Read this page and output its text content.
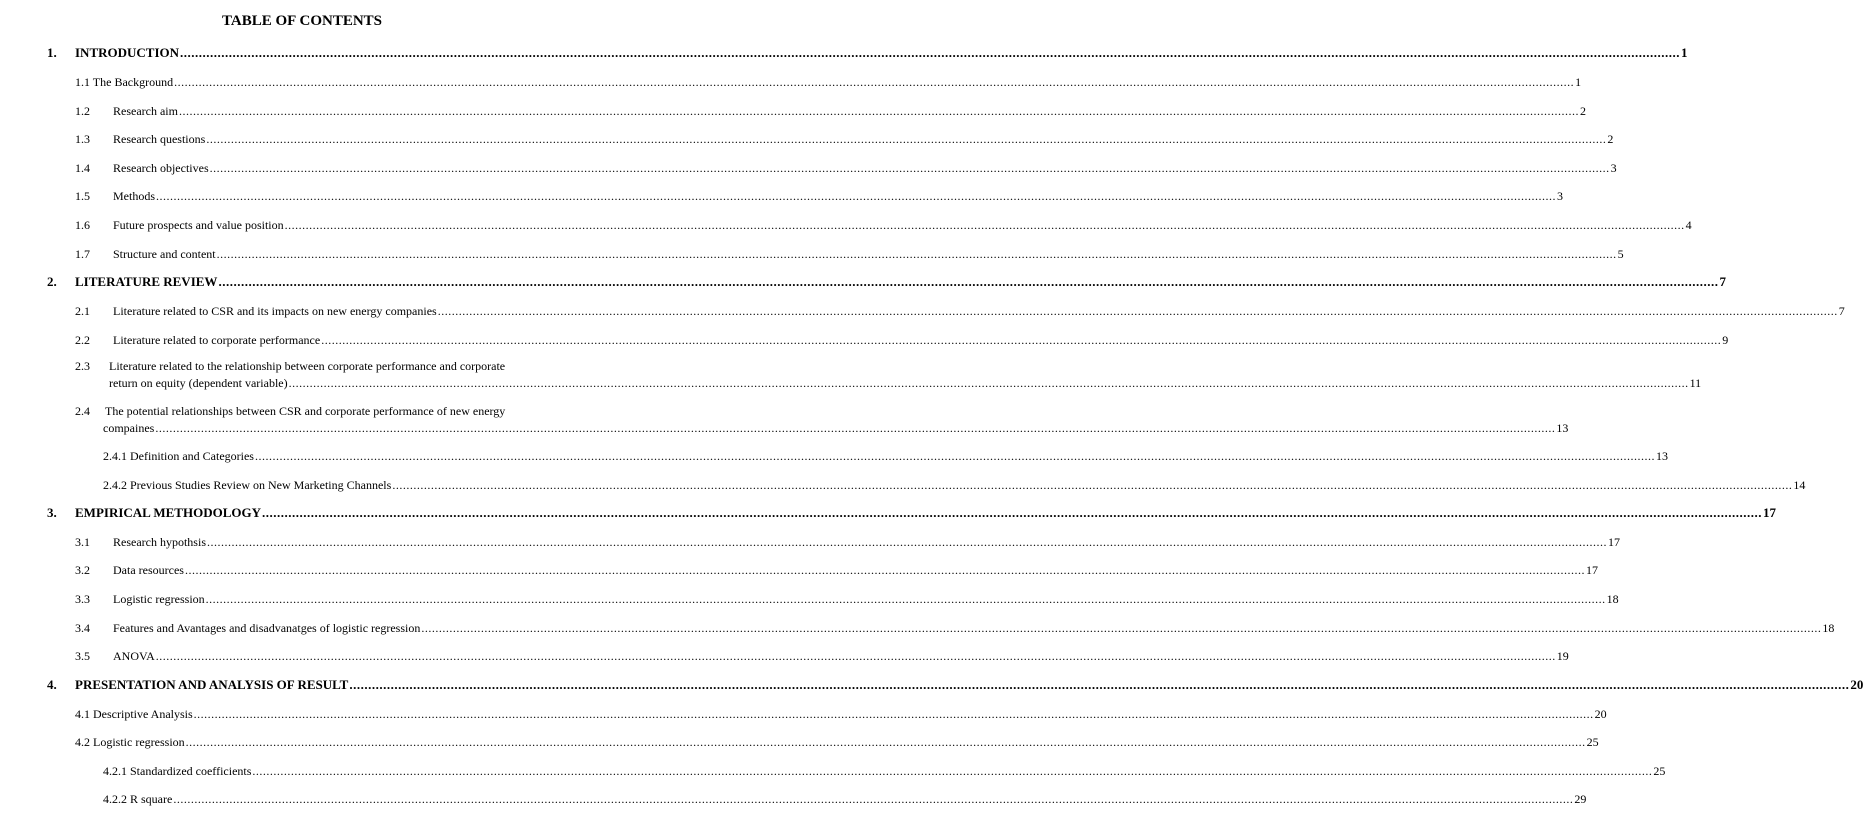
TABLE OF CONTENTS
1. INTRODUCTION ................................................................................................................................................................................................................................................................................................................................................................................................................ 1
1.1 The Background ................................................................................................................................................................................................................................................................................................................................................................................................................ 1
1.2 Research aim ................................................................................................................................................................................................................................................................................................................................................................................................................ 2
1.3 Research questions ................................................................................................................................................................................................................................................................................................................................................................................................................ 2
1.4 Research objectives ................................................................................................................................................................................................................................................................................................................................................................................................................ 3
1.5 Methods ................................................................................................................................................................................................................................................................................................................................................................................................................ 3
1.6 Future prospects and value position ................................................................................................................................................................................................................................................................................................................................................................................................................ 4
1.7 Structure and content ................................................................................................................................................................................................................................................................................................................................................................................................................ 5
2. LITERATURE REVIEW ................................................................................................................................................................................................................................................................................................................................................................................................................ 7
2.1 Literature related to CSR and its impacts on new energy companies ................................................................................................................................................................................................................................................................................................................................................................................................................ 7
2.2 Literature related to corporate performance ................................................................................................................................................................................................................................................................................................................................................................................................................ 9
2.3 Literature related to the relationship between corporate performance and corporate
return on equity (dependent variable) ................................................................................................................................................................................................................................................................................................................................................................................................................ 11
2.4 The potential relationships between CSR and corporate performance of new energy
compaines ................................................................................................................................................................................................................................................................................................................................................................................................................ 13
2.4.1 Definition and Categories ................................................................................................................................................................................................................................................................................................................................................................................................................ 13
2.4.2 Previous Studies Review on New Marketing Channels ................................................................................................................................................................................................................................................................................................................................................................................................................ 14
3. EMPIRICAL METHODOLOGY ................................................................................................................................................................................................................................................................................................................................................................................................................ 17
3.1 Research hypothsis ................................................................................................................................................................................................................................................................................................................................................................................................................ 17
3.2 Data resources ................................................................................................................................................................................................................................................................................................................................................................................................................ 17
3.3 Logistic regression ................................................................................................................................................................................................................................................................................................................................................................................................................ 18
3.4 Features and Avantages and disadvanatges of logistic regression ................................................................................................................................................................................................................................................................................................................................................................................................................ 18
3.5 ANOVA ................................................................................................................................................................................................................................................................................................................................................................................................................ 19
4. PRESENTATION AND ANALYSIS OF RESULT ................................................................................................................................................................................................................................................................................................................................................................................................................ 20
4.1 Descriptive Analysis ................................................................................................................................................................................................................................................................................................................................................................................................................ 20
4.2 Logistic regression ................................................................................................................................................................................................................................................................................................................................................................................................................ 25
4.2.1 Standardized coefficients ................................................................................................................................................................................................................................................................................................................................................................................................................ 25
4.2.2 R square ................................................................................................................................................................................................................................................................................................................................................................................................................ 29
